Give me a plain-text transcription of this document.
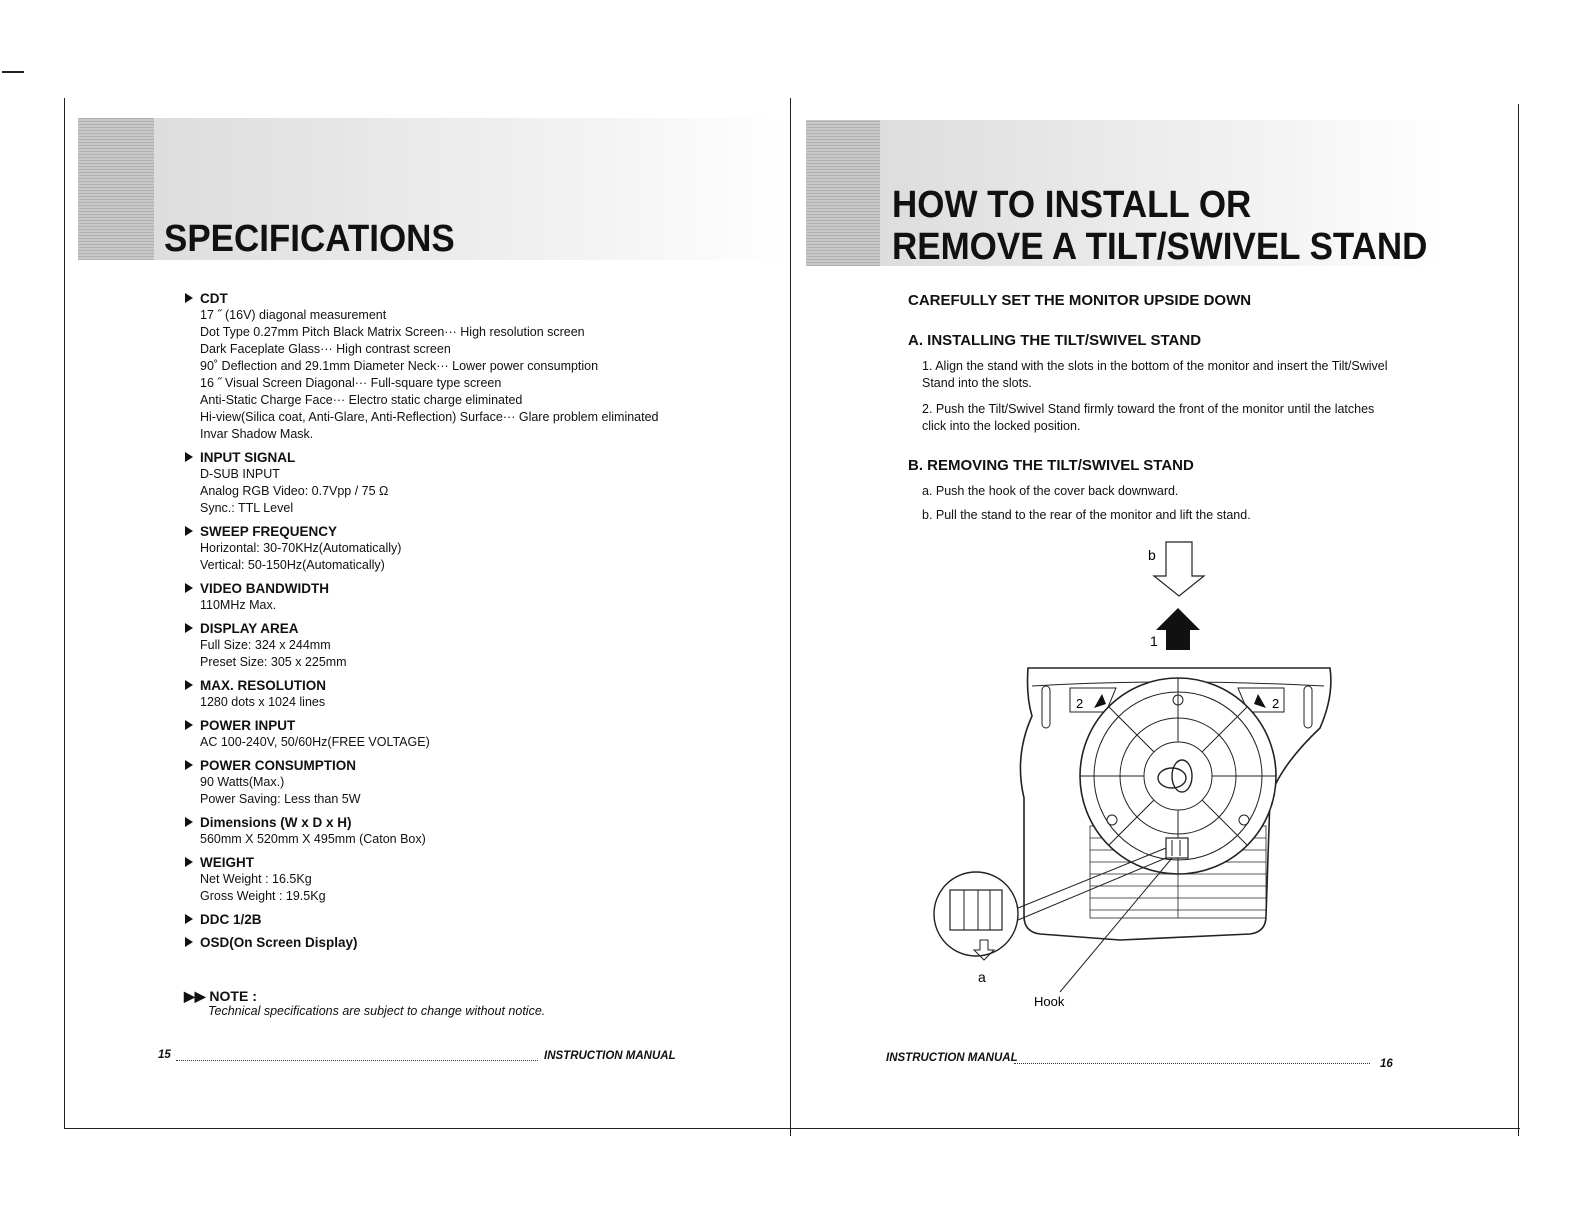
SPECIFICATIONS
CDT
17 ˝ (16V) diagonal measurement
Dot Type 0.27mm Pitch Black Matrix Screen··· High resolution screen
Dark Faceplate Glass··· High contrast screen
90˚ Deflection and 29.1mm Diameter Neck··· Lower power consumption
16 ˝ Visual Screen Diagonal··· Full-square type screen
Anti-Static Charge Face··· Electro static charge eliminated
Hi-view(Silica coat, Anti-Glare, Anti-Reflection) Surface··· Glare problem eliminated
Invar Shadow Mask.
INPUT SIGNAL
D-SUB INPUT
Analog RGB Video: 0.7Vpp / 75 Ω
Sync.: TTL Level
SWEEP FREQUENCY
Horizontal: 30-70KHz(Automatically)
Vertical: 50-150Hz(Automatically)
VIDEO BANDWIDTH
110MHz Max.
DISPLAY AREA
Full Size: 324 x 244mm
Preset Size: 305 x 225mm
MAX. RESOLUTION
1280 dots x 1024 lines
POWER INPUT
AC 100-240V, 50/60Hz(FREE VOLTAGE)
POWER CONSUMPTION
90 Watts(Max.)
Power Saving: Less than 5W
Dimensions (W x D x H)
560mm X 520mm X 495mm (Caton Box)
WEIGHT
Net Weight : 16.5Kg
Gross Weight : 19.5Kg
DDC 1/2B
OSD(On Screen Display)
▶▶ NOTE :
Technical specifications are subject to change without notice.
15	INSTRUCTION MANUAL
HOW TO INSTALL OR
REMOVE A TILT/SWIVEL STAND
CAREFULLY SET THE MONITOR UPSIDE DOWN
A. INSTALLING THE TILT/SWIVEL STAND
1. Align the stand with the slots in the bottom of the monitor and insert the Tilt/Swivel Stand into the slots.
2. Push the Tilt/Swivel Stand firmly toward the front of the monitor until the latches click into the locked position.
B. REMOVING THE TILT/SWIVEL STAND
a. Push the hook of the cover back downward.
b. Pull the stand to the rear of the monitor and lift the stand.
b
1
2	2
a
Hook
INSTRUCTION MANUAL	16
